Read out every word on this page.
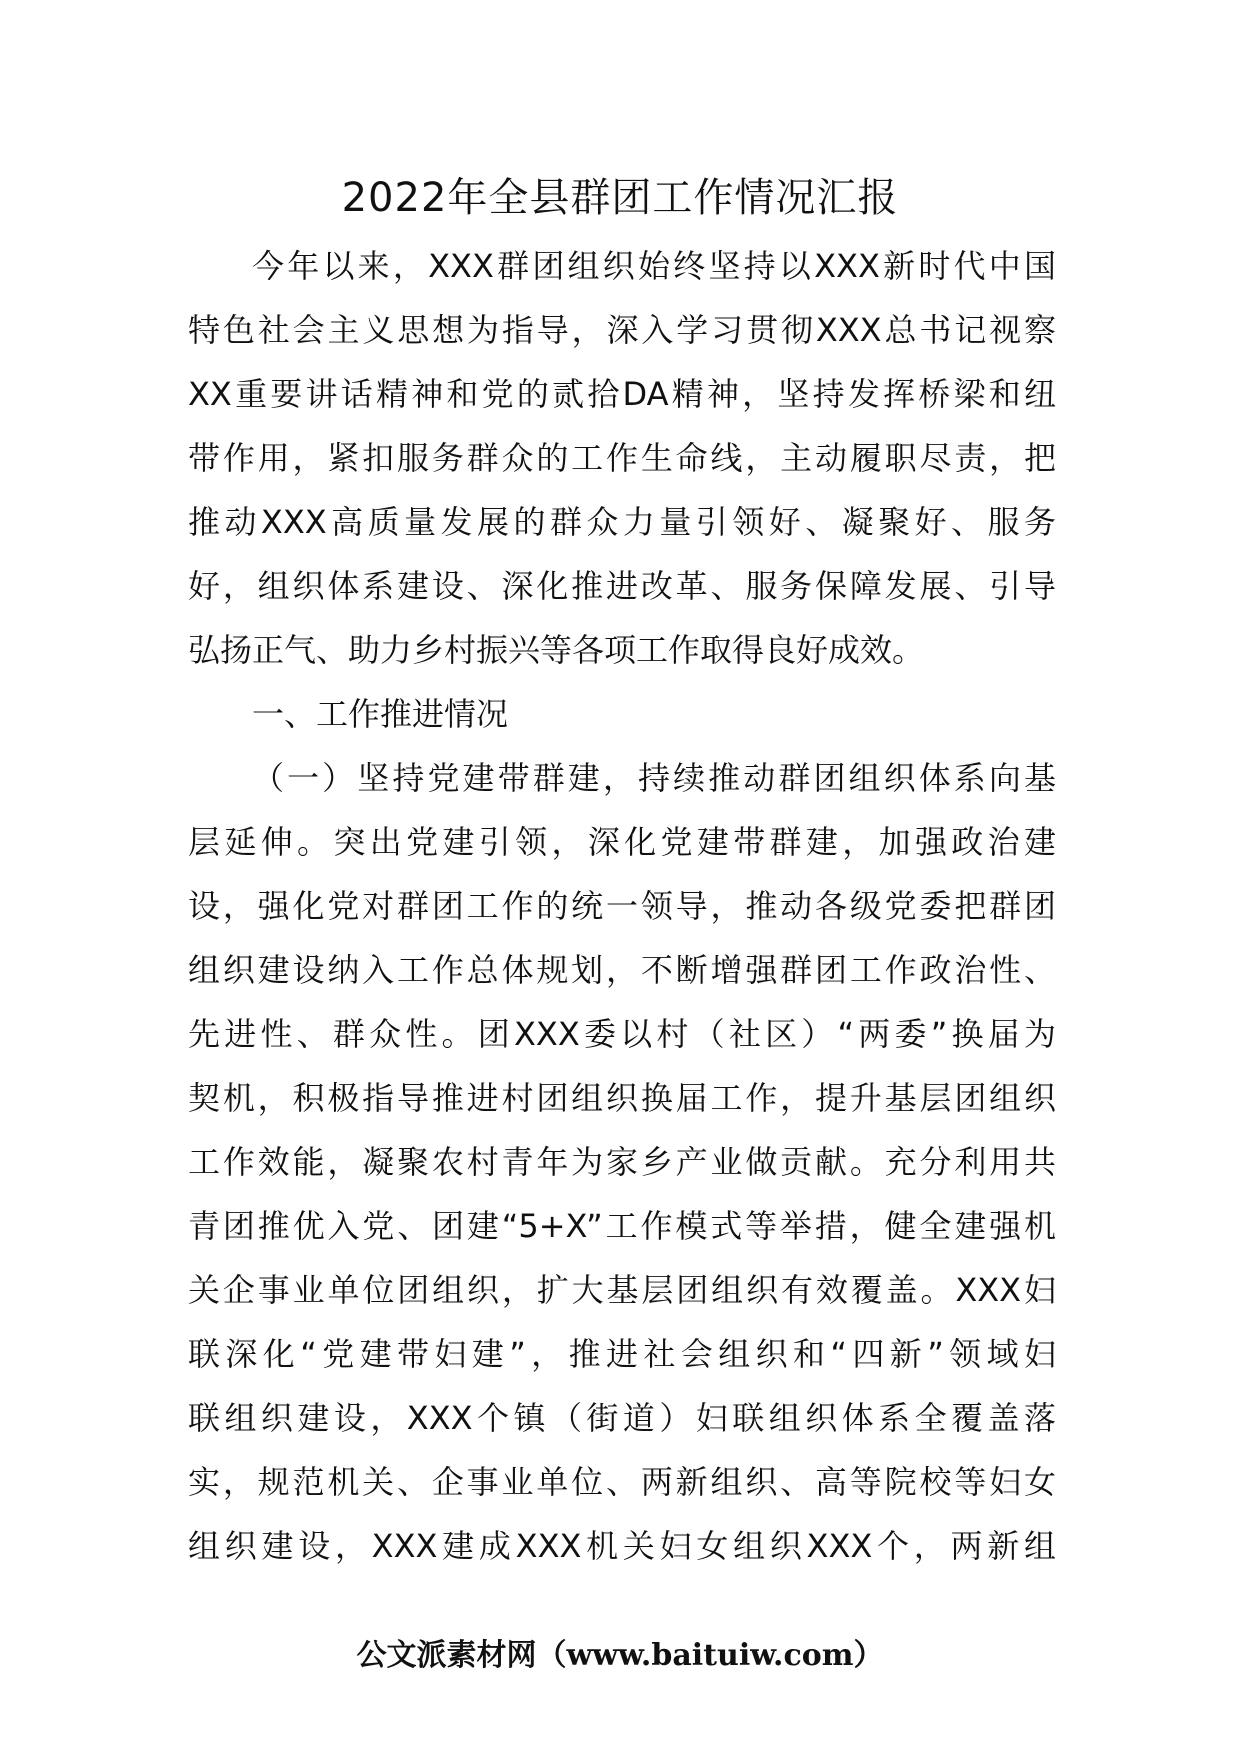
2022年全县群团工作情况汇报
今年以来，XXX群团组织始终坚持以XXX新时代中国
特色社会主义思想为指导，深入学习贯彻XXX总书记视察
XX重要讲话精神和党的贰拾DA精神，坚持发挥桥梁和纽
带作用，紧扣服务群众的工作生命线，主动履职尽责，把
推动XXX高质量发展的群众力量引领好、凝聚好、服务
好，组织体系建设、深化推进改革、服务保障发展、引导
弘扬正气、助力乡村振兴等各项工作取得良好成效。
一、工作推进情况
（一）坚持党建带群建，持续推动群团组织体系向基
层延伸。突出党建引领，深化党建带群建，加强政治建
设，强化党对群团工作的统一领导，推动各级党委把群团
组织建设纳入工作总体规划，不断增强群团工作政治性、
先进性、群众性。团XXX委以村（社区）“两委”换届为
契机，积极指导推进村团组织换届工作，提升基层团组织
工作效能，凝聚农村青年为家乡产业做贡献。充分利用共
青团推优入党、团建“5+X”工作模式等举措，健全建强机
关企事业单位团组织，扩大基层团组织有效覆盖。XXX妇
联深化“党建带妇建”，推进社会组织和“四新”领域妇
联组织建设，XXX个镇（街道）妇联组织体系全覆盖落
实，规范机关、企事业单位、两新组织、高等院校等妇女
组织建设，XXX建成XXX机关妇女组织XXX个，两新组
公文派素材网（www.baituiw.com）
